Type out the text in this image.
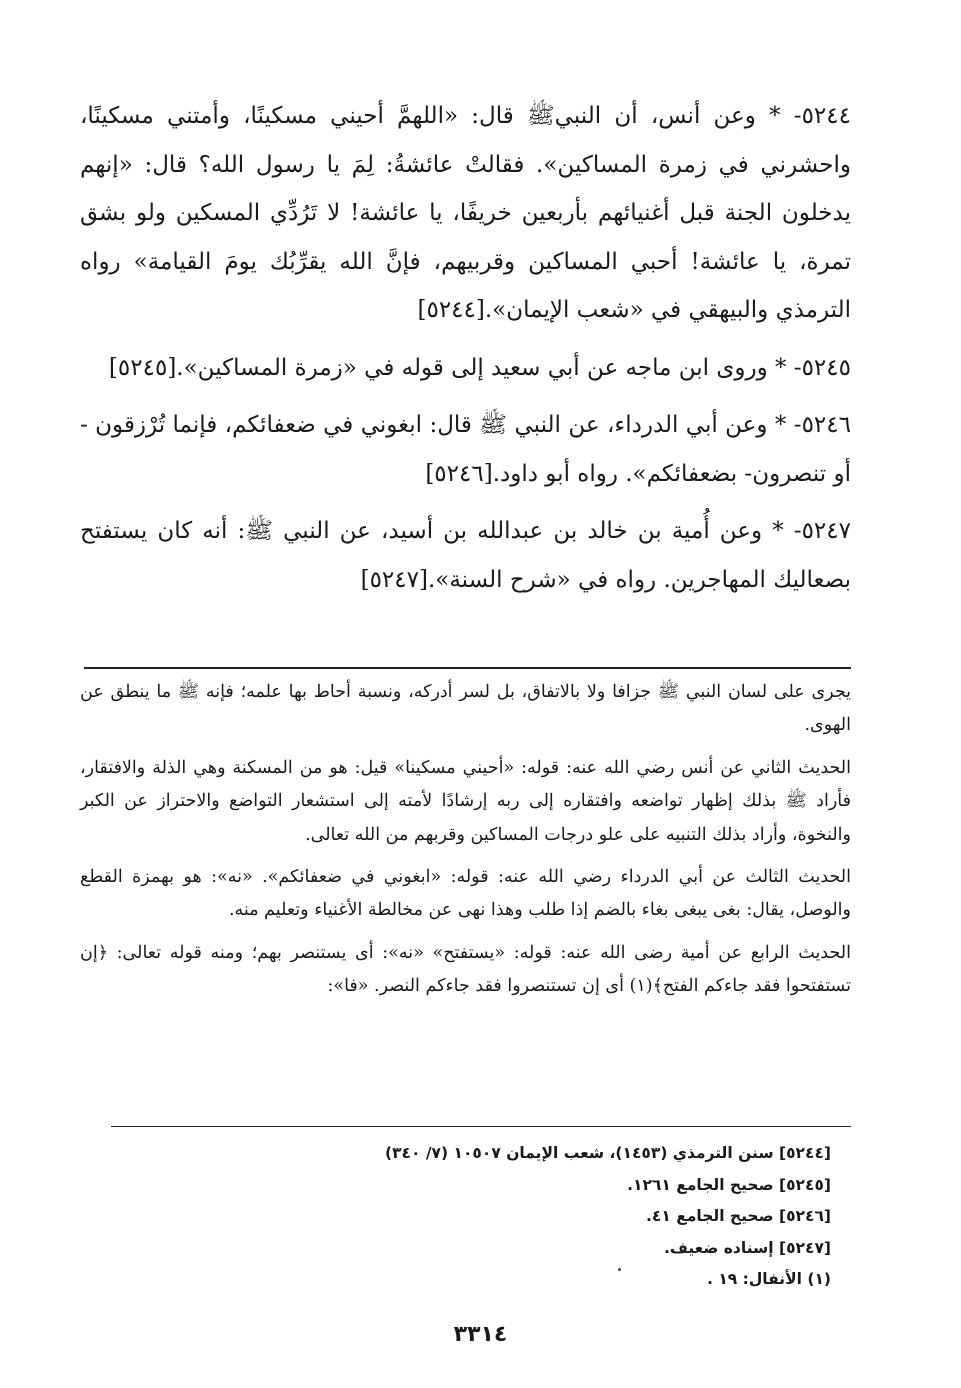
٥٢٤٤- * وعن أنس، أن النبيﷺ قال: «اللهمَّ أحيني مسكينًا، وأمتني مسكينًا، واحشرني في زمرة المساكين». فقالتْ عائشةُ: لِمَ يا رسول الله؟ قال: «إنهم يدخلون الجنة قبل أغنيائهم بأربعين خريفًا، يا عائشة! لا تَرُدِّي المسكين ولو بشق تمرة، يا عائشة! أحبي المساكين وقربيهم، فإنَّ الله يقرِّبُك يومَ القيامة» رواه الترمذي والبيهقي في «شعب الإيمان».[٥٢٤٤]

٥٢٤٥- * وروى ابن ماجه عن أبي سعيد إلى قوله في «زمرة المساكين».[٥٢٤٥]

٥٢٤٦- * وعن أبي الدرداء، عن النبي ﷺ قال: ابغوني في ضعفائكم، فإنما تُرْزقون - أو تنصرون- بضعفائكم». رواه أبو داود.[٥٢٤٦]

٥٢٤٧- * وعن أُمية بن خالد بن عبدالله بن أسيد، عن النبي ﷺ: أنه كان يستفتح بصعاليك المهاجرين. رواه في «شرح السنة».[٥٢٤٧]

يجرى على لسان النبي ﷺ جزافا ولا بالاتفاق، بل لسر أدركه، ونسبة أحاط بها علمه؛ فإنه ﷺ ما ينطق عن الهوى.

الحديث الثاني عن أنس رضي الله عنه: قوله: «أحيني مسكينا» قيل: هو من المسكنة وهي الذلة والافتقار، فأراد ﷺ بذلك إظهار تواضعه وافتقاره إلى ربه إرشادًا لأمته إلى استشعار التواضع والاحتراز عن الكبر والنخوة، وأراد بذلك التنبيه على علو درجات المساكين وقربهم من الله تعالى.

الحديث الثالث عن أبي الدرداء رضي الله عنه: قوله: «ابغوني في ضعفائكم». «نه»: هو بهمزة القطع والوصل، يقال: بغى يبغى بغاء بالضم إذا طلب وهذا نهى عن مخالطة الأغنياء وتعليم منه.

الحديث الرابع عن أمية رضى الله عنه: قوله: «يستفتح» «نه»: أى يستنصر بهم؛ ومنه قوله تعالى: ﴿إن تستفتحوا فقد جاءكم الفتح﴾(١) أى إن تستنصروا فقد جاءكم النصر. «فا»:

[٥٢٤٤] سنن الترمذي (١٤٥٣)، شعب الإيمان ١٠٥٠٧ (٧/ ٣٤٠)

[٥٢٤٥] صحيح الجامع ١٢٦١.

[٥٢٤٦] صحيح الجامع ٤١.

[٥٢٤٧] إسناده ضعيف.

(١) الأنفال: ١٩ .

٣٣١٤
